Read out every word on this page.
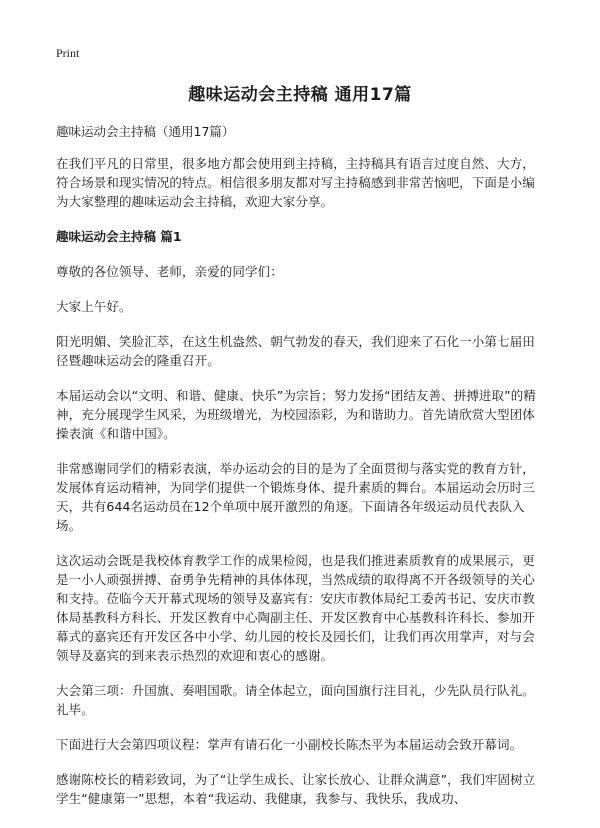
Print
趣味运动会主持稿 通用17篇

趣味运动会主持稿（通用17篇）

在我们平凡的日常里，很多地方都会使用到主持稿，主持稿具有语言过度自然、大方，符合场景和现实情况的特点。相信很多朋友都对写主持稿感到非常苦恼吧，下面是小编为大家整理的趣味运动会主持稿，欢迎大家分享。

趣味运动会主持稿 篇1

尊敬的各位领导、老师，亲爱的同学们：

大家上午好。

阳光明媚、笑脸汇萃，在这生机盎然、朝气勃发的春天，我们迎来了石化一小第七届田径暨趣味运动会的隆重召开。

本届运动会以“文明、和谐、健康、快乐”为宗旨；努力发扬“团结友善、拼搏进取”的精神，充分展现学生风采，为班级增光，为校园添彩，为和谐助力。首先请欣赏大型团体操表演《和谐中国》。

非常感谢同学们的精彩表演，举办运动会的目的是为了全面贯彻与落实党的教育方针，发展体育运动精神，为同学们提供一个锻炼身体、提升素质的舞台。本届运动会历时三天，共有644名运动员在12个单项中展开激烈的角逐。下面请各年级运动员代表队入场。

这次运动会既是我校体育教学工作的成果检阅，也是我们推进素质教育的成果展示，更是一小人顽强拼搏、奋勇争先精神的具体体现，当然成绩的取得离不开各级领导的关心和支持。莅临今天开幕式现场的领导及嘉宾有：安庆市教体局纪工委芮书记、安庆市教体局基教科方科长、开发区教育中心陶副主任、开发区教育中心基教科许科长、参加开幕式的嘉宾还有开发区各中小学、幼儿园的校长及园长们，让我们再次用掌声，对与会领导及嘉宾的到来表示热烈的欢迎和衷心的感谢。

大会第三项：升国旗、奏唱国歌。请全体起立，面向国旗行注目礼，少先队员行队礼。礼毕。

下面进行大会第四项议程：掌声有请石化一小副校长陈杰平为本届运动会致开幕词。

感谢陈校长的精彩致词，为了“让学生成长、让家长放心、让群众满意”，我们牢固树立学生“健康第一”思想，本着“我运动、我健康，我参与、我快乐，我成功、
